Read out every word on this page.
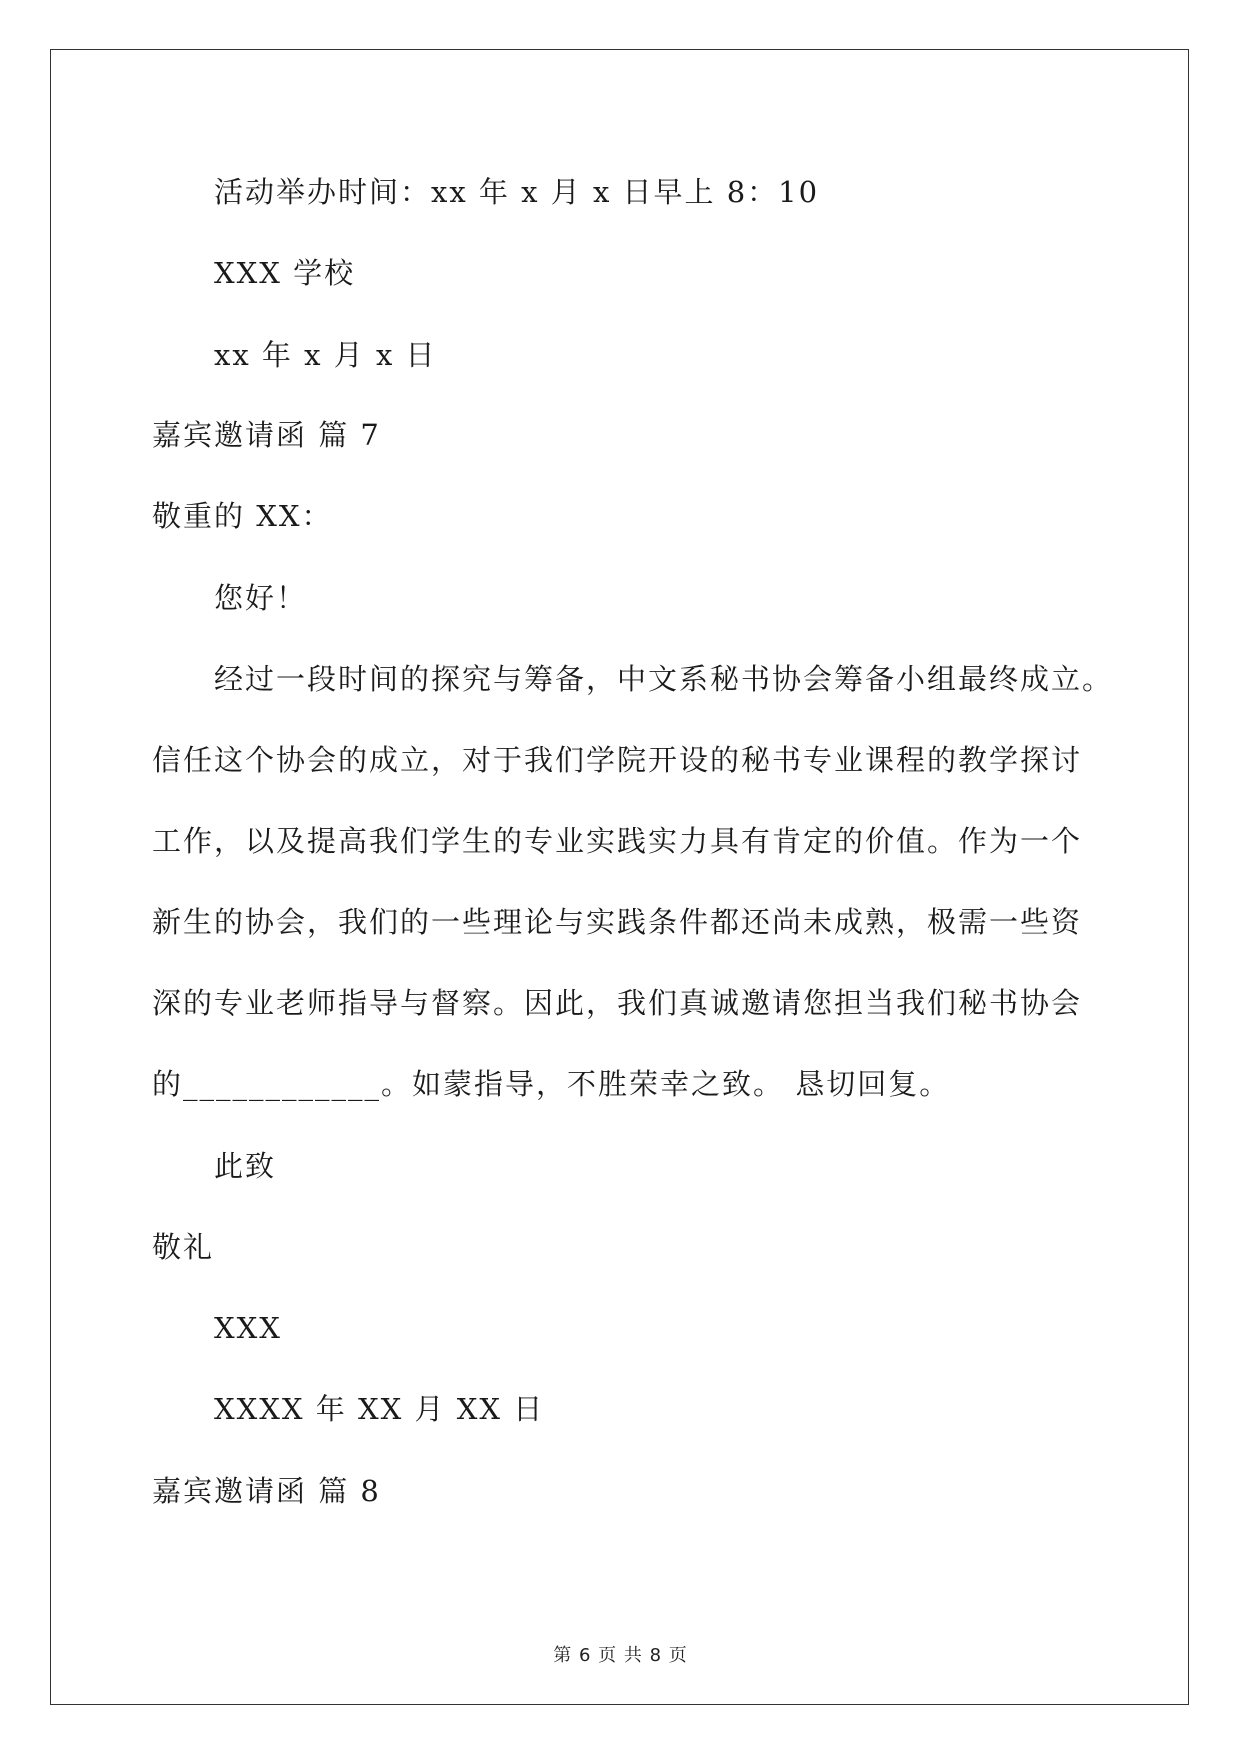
活动举办时间：xx 年 x 月 x 日早上 8：10
XXX 学校
xx 年 x 月 x 日
嘉宾邀请函 篇 7
敬重的 XX：
您好！
经过一段时间的探究与筹备，中文系秘书协会筹备小组最终成立。
信任这个协会的成立，对于我们学院开设的秘书专业课程的教学探讨
工作，以及提高我们学生的专业实践实力具有肯定的价值。作为一个
新生的协会，我们的一些理论与实践条件都还尚未成熟，极需一些资
深的专业老师指导与督察。因此，我们真诚邀请您担当我们秘书协会
的____________。如蒙指导，不胜荣幸之致。 恳切回复。
此致
敬礼
XXX
XXXX 年 XX 月 XX 日
嘉宾邀请函 篇 8
第 6 页 共 8 页
